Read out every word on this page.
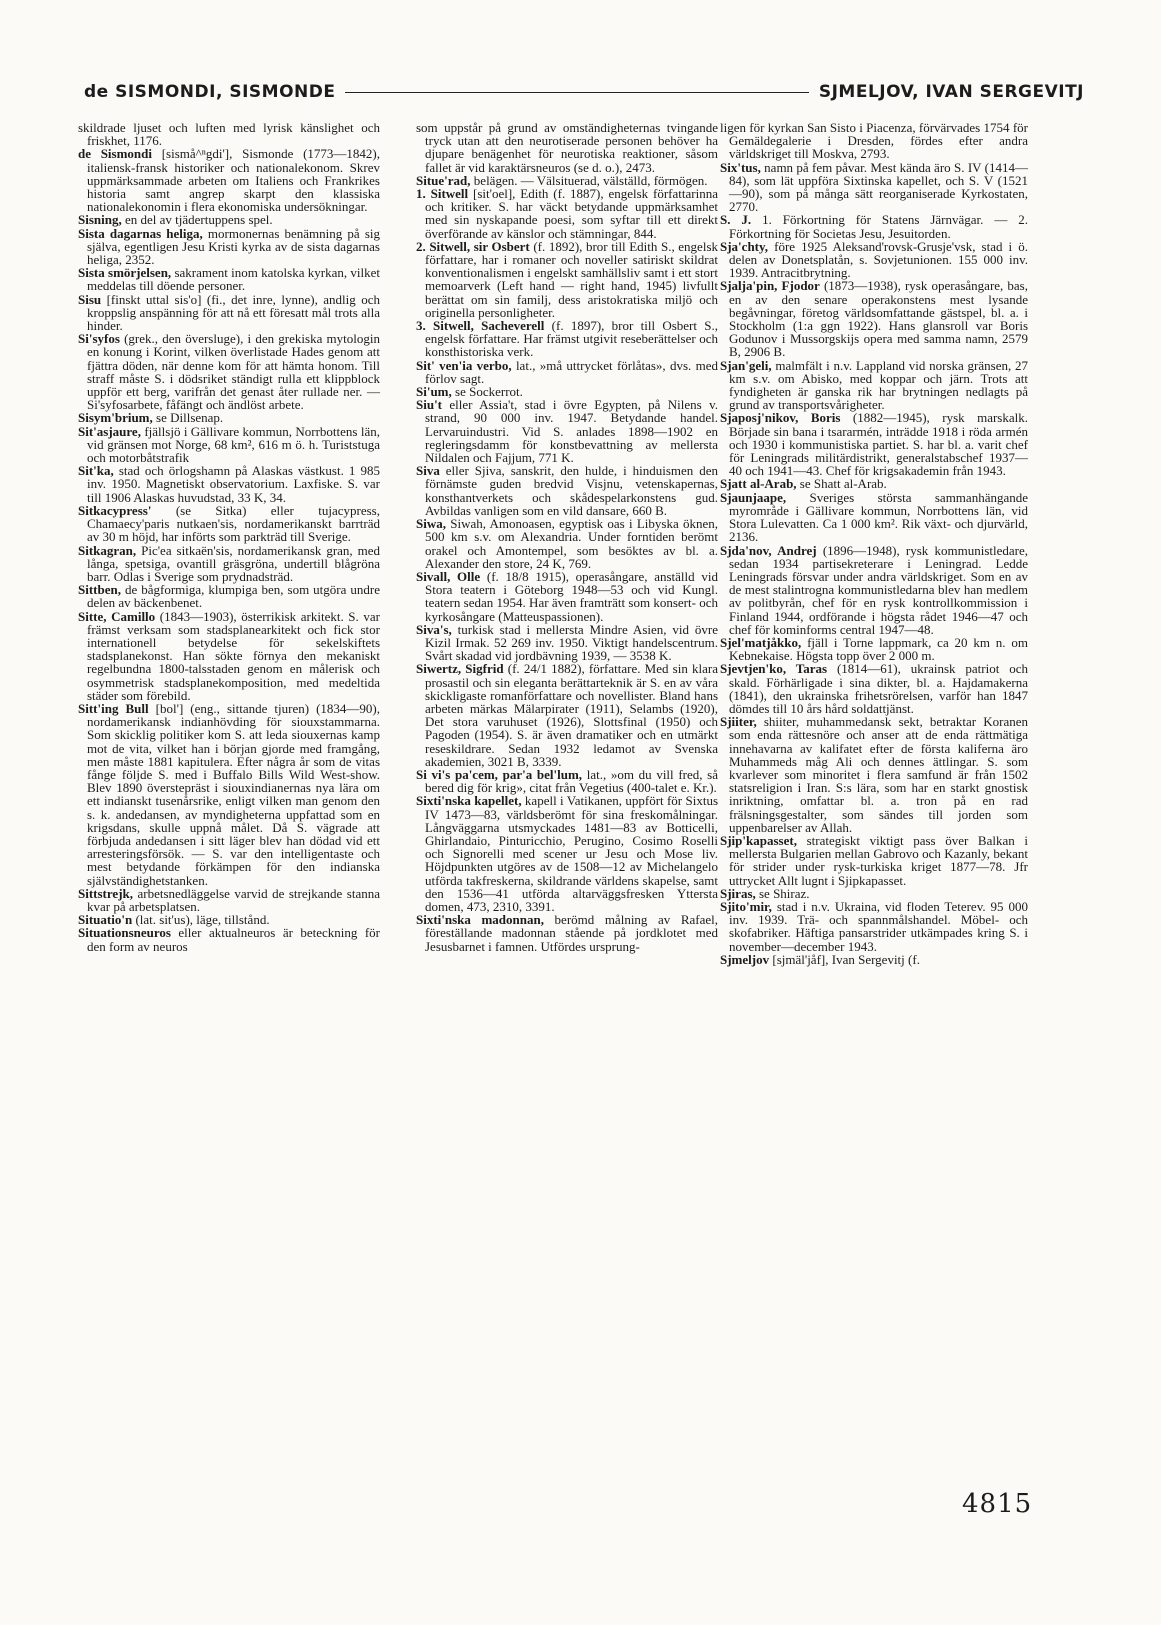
de SISMONDI, SISMONDE	SJMELJOV, IVAN SERGEVITJ

skildrade ljuset och luften med lyrisk känslighet och friskhet, 1176.

de Sismondi [sismå^ⁿgdi'], Sismonde (1773—1842), italiensk-fransk historiker och nationalekonom. Skrev uppmärksammade arbeten om Italiens och Frankrikes historia samt angrep skarpt den klassiska nationalekonomin i flera ekonomiska undersökningar.

Sisning, en del av tjädertuppens spel.

Sista dagarnas heliga, mormonernas benämning på sig själva, egentligen Jesu Kristi kyrka av de sista dagarnas heliga, 2352.

Sista smörjelsen, sakrament inom katolska kyrkan, vilket meddelas till döende personer.

Sisu [finskt uttal sis'o] (fi., det inre, lynne), andlig och kroppslig anspänning för att nå ett föresatt mål trots alla hinder.

Si'syfos (grek., den översluge), i den grekiska mytologin en konung i Korint, vilken överlistade Hades genom att fjättra döden, när denne kom för att hämta honom. Till straff måste S. i dödsriket ständigt rulla ett klippblock uppför ett berg, varifrån det genast åter rullade ner. — Si'syfosarbete, fåfängt och ändlöst arbete.

Sisym'brium, se Dillsenap.

Sit'asjaure, fjällsjö i Gällivare kommun, Norrbottens län, vid gränsen mot Norge, 68 km², 616 m ö. h. Turiststuga och motorbåtstrafik

Sit'ka, stad och örlogshamn på Alaskas västkust. 1 985 inv. 1950. Magnetiskt observatorium. Laxfiske. S. var till 1906 Alaskas huvudstad, 33 K, 34.

Sitkacypress' (se Sitka) eller tujacypress, Chamaecy'paris nutkaen'sis, nordamerikanskt barrträd av 30 m höjd, har införts som parkträd till Sverige.

Sitkagran, Pic'ea sitkaën'sis, nordamerikansk gran, med långa, spetsiga, ovantill gräsgröna, undertill blågröna barr. Odlas i Sverige som prydnadsträd.

Sittben, de bågformiga, klumpiga ben, som utgöra undre delen av bäckenbenet.

Sitte, Camillo (1843—1903), österrikisk arkitekt. S. var främst verksam som stadsplanearkitekt och fick stor internationell betydelse för sekelskiftets stadsplanekonst. Han sökte förnya den mekaniskt regelbundna 1800-talsstaden genom en målerisk och osymmetrisk stadsplanekomposition, med medeltida städer som förebild.

Sitt'ing Bull [bol'] (eng., sittande tjuren) (1834—90), nordamerikansk indianhövding för siouxstammarna. Som skicklig politiker kom S. att leda siouxernas kamp mot de vita, vilket han i början gjorde med framgång, men måste 1881 kapitulera. Efter några år som de vitas fånge följde S. med i Buffalo Bills Wild West-show. Blev 1890 överstepräst i siouxindianernas nya lära om ett indianskt tusenårsrike, enligt vilken man genom den s. k. andedansen, av myndigheterna uppfattad som en krigsdans, skulle uppnå målet. Då S. vägrade att förbjuda andedansen i sitt läger blev han dödad vid ett arresteringsförsök. — S. var den intelligentaste och mest betydande förkämpen för den indianska självständighetstanken.

Sittstrejk, arbetsnedläggelse varvid de strejkande stanna kvar på arbetsplatsen.

Situatio'n (lat. sit'us), läge, tillstånd.

Situationsneuros eller aktualneuros är beteckning för den form av neuros

som uppstår på grund av omständigheternas tvingande tryck utan att den neurotiserade personen behöver ha djupare benägenhet för neurotiska reaktioner, såsom fallet är vid karaktärsneuros (se d. o.), 2473.

Situe'rad, belägen. — Välsituerad, välställd, förmögen.

1. Sitwell [sit'oel], Edith (f. 1887), engelsk författarinna och kritiker. S. har väckt betydande uppmärksamhet med sin nyskapande poesi, som syftar till ett direkt överförande av känslor och stämningar, 844.

2. Sitwell, sir Osbert (f. 1892), bror till Edith S., engelsk författare, har i romaner och noveller satiriskt skildrat konventionalismen i engelskt samhällsliv samt i ett stort memoarverk (Left hand — right hand, 1945) livfullt berättat om sin familj, dess aristokratiska miljö och originella personligheter.

3. Sitwell, Sacheverell (f. 1897), bror till Osbert S., engelsk författare. Har främst utgivit reseberättelser och konsthistoriska verk.

Sit' ven'ia verbo, lat., »må uttrycket förlåtas», dvs. med förlov sagt.

Si'um, se Sockerrot.

Siu't eller Assia't, stad i övre Egypten, på Nilens v. strand, 90 000 inv. 1947. Betydande handel. Lervaruindustri. Vid S. anlades 1898—1902 en regleringsdamm för konstbevattning av mellersta Nildalen och Fajjum, 771 K.

Siva eller Sjiva, sanskrit, den hulde, i hinduismen den förnämste guden bredvid Visjnu, vetenskapernas, konsthantverkets och skådespelarkonstens gud. Avbildas vanligen som en vild dansare, 660 B.

Siwa, Siwah, Amonoasen, egyptisk oas i Libyska öknen, 500 km s.v. om Alexandria. Under forntiden berömt orakel och Amontempel, som besöktes av bl. a. Alexander den store, 24 K, 769.

Sivall, Olle (f. 18/8 1915), operasångare, anställd vid Stora teatern i Göteborg 1948—53 och vid Kungl. teatern sedan 1954. Har även framträtt som konsert- och kyrkosångare (Matteuspassionen).

Siva's, turkisk stad i mellersta Mindre Asien, vid övre Kizil Irmak. 52 269 inv. 1950. Viktigt handelscentrum. Svårt skadad vid jordbävning 1939, — 3538 K.

Siwertz, Sigfrid (f. 24/1 1882), författare. Med sin klara prosastil och sin eleganta berättarteknik är S. en av våra skickligaste romanförfattare och novellister. Bland hans arbeten märkas Mälarpirater (1911), Selambs (1920), Det stora varuhuset (1926), Slottsfinal (1950) och Pagoden (1954). S. är även dramatiker och en utmärkt reseskildrare. Sedan 1932 ledamot av Svenska akademien, 3021 B, 3339.

Si vi's pa'cem, par'a bel'lum, lat., »om du vill fred, så bered dig för krig», citat från Vegetius (400-talet e. Kr.).

Sixti'nska kapellet, kapell i Vatikanen, uppfört för Sixtus IV 1473—83, världsberömt för sina freskomålningar. Långväggarna utsmyckades 1481—83 av Botticelli, Ghirlandaio, Pinturicchio, Perugino, Cosimo Roselli och Signorelli med scener ur Jesu och Mose liv. Höjdpunkten utgöres av de 1508—12 av Michelangelo utförda takfreskerna, skildrande världens skapelse, samt den 1536—41 utförda altarväggsfresken Yttersta domen, 473, 2310, 3391.

Sixti'nska madonnan, berömd målning av Rafael, föreställande madonnan stående på jordklotet med Jesusbarnet i famnen. Utfördes ursprung-

ligen för kyrkan San Sisto i Piacenza, förvärvades 1754 för Gemäldegalerie i Dresden, fördes efter andra världskriget till Moskva, 2793.

Six'tus, namn på fem påvar. Mest kända äro S. IV (1414—84), som lät uppföra Sixtinska kapellet, och S. V (1521—90), som på många sätt reorganiserade Kyrkostaten, 2770.

S. J. 1. Förkortning för Statens Järnvägar. — 2. Förkortning för Societas Jesu, Jesuitorden.

Sja'chty, före 1925 Aleksand'rovsk-Grusje'vsk, stad i ö. delen av Donetsplatån, s. Sovjetunionen. 155 000 inv. 1939. Antracitbrytning.

Sjalja'pin, Fjodor (1873—1938), rysk operasångare, bas, en av den senare operakonstens mest lysande begåvningar, företog världsomfattande gästspel, bl. a. i Stockholm (1:a ggn 1922). Hans glansroll var Boris Godunov i Mussorgskijs opera med samma namn, 2579 B, 2906 B.

Sjan'geli, malmfält i n.v. Lappland vid norska gränsen, 27 km s.v. om Abisko, med koppar och järn. Trots att fyndigheten är ganska rik har brytningen nedlagts på grund av transportsvårigheter.

Sjaposj'nikov, Boris (1882—1945), rysk marskalk. Började sin bana i tsararmén, inträdde 1918 i röda armén och 1930 i kommunistiska partiet. S. har bl. a. varit chef för Leningrads militärdistrikt, generalstabschef 1937—40 och 1941—43. Chef för krigsakademin från 1943.

Sjatt al-Arab, se Shatt al-Arab.

Sjaunjaape, Sveriges största sammanhängande myrområde i Gällivare kommun, Norrbottens län, vid Stora Lulevatten. Ca 1 000 km². Rik växt- och djurvärld, 2136.

Sjda'nov, Andrej (1896—1948), rysk kommunistledare, sedan 1934 partisekreterare i Leningrad. Ledde Leningrads försvar under andra världskriget. Som en av de mest stalintrogna kommunistledarna blev han medlem av politbyrån, chef för en rysk kontrollkommission i Finland 1944, ordförande i högsta rådet 1946—47 och chef för kominforms central 1947—48.

Sjel'matjåkko, fjäll i Torne lappmark, ca 20 km n. om Kebnekaise. Högsta topp över 2 000 m.

Sjevtjen'ko, Taras (1814—61), ukrainsk patriot och skald. Förhärligade i sina dikter, bl. a. Hajdamakerna (1841), den ukrainska frihetsrörelsen, varför han 1847 dömdes till 10 års hård soldattjänst.

Sjiiter, shiiter, muhammedansk sekt, betraktar Koranen som enda rättesnöre och anser att de enda rättmätiga innehavarna av kalifatet efter de första kaliferna äro Muhammeds måg Ali och dennes ättlingar. S. som kvarlever som minoritet i flera samfund är från 1502 statsreligion i Iran. S:s lära, som har en starkt gnostisk inriktning, omfattar bl. a. tron på en rad frälsningsgestalter, som sändes till jorden som uppenbarelser av Allah.

Sjip'kapasset, strategiskt viktigt pass över Balkan i mellersta Bulgarien mellan Gabrovo och Kazanly, bekant för strider under rysk-turkiska kriget 1877—78. Jfr uttrycket Allt lugnt i Sjipkapasset.

Sjiras, se Shiraz.

Sjito'mir, stad i n.v. Ukraina, vid floden Teterev. 95 000 inv. 1939. Trä- och spannmålshandel. Möbel- och skofabriker. Häftiga pansarstrider utkämpades kring S. i november—december 1943.

Sjmeljov [sjmäl'jåf], Ivan Sergevitj (f.

4815
